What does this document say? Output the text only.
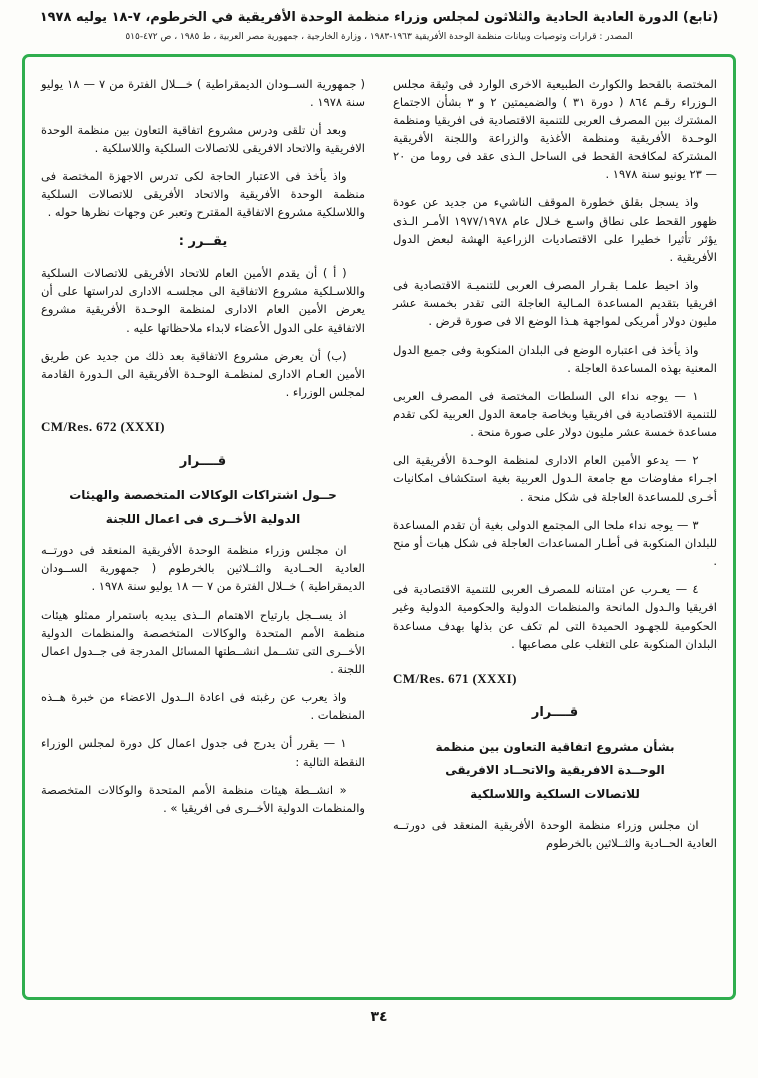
(تابع) الدورة العادية الحادية والثلاثون لمجلس وزراء منظمة الوحدة الأفريقية في الخرطوم، ٧-١٨ يوليه ١٩٧٨
المصدر : قرارات وتوصيات وبيانات منظمة الوحدة الأفريقية ١٩٦٣-١٩٨٣ ، وزارة الخارجية ، جمهورية مصر العربية ، ط ١٩٨٥ ، ص ٤٧٢-٥١٥

المختصة بالقحط والكوارث الطبيعية الاخرى الوارد فى وثيقة مجلس الـوزراء رقـم ٨٦٤ ( دورة ٣١ ) والضميمتين ٢ و ٣ بشأن الاجتماع المشترك بين المصرف العربى للتنمية الاقتصادية فى افريقيا ومنظمة الوحـدة الأفريقية ومنظمة الأغذية والزراعة واللجنة الأفريقية المشتركة لمكافحة القحط فى الساحل الـذى عقد فى روما من ٢٠ — ٢٣ يونيو سنة ١٩٧٨ .

واذ يسجل بقلق خطورة الموقف الناشيء من جديد عن عودة ظهور القحط على نطاق واسـع خـلال عام ١٩٧٧/١٩٧٨ الأمـر الـذى يؤثر تأثيرا خطيرا على الاقتصاديات الزراعية الهشة لبعض الدول الأفريقية .

واذ احيط علمـا بقـرار المصرف العربى للتنميـة الاقتصادية فى افريقيا بتقديم المساعدة المـالية العاجلة التى تقدر بخمسة عشر مليون دولار أمريكى لمواجهة هـذا الوضع الا فى صورة قرض .

واذ يأخذ فى اعتباره الوضع فى البلدان المنكوبة وفى جميع الدول المعنية بهذه المساعدة العاجلة .

١ — يوجه نداء الى السلطات المختصة فى المصرف العربى للتنمية الاقتصادية فى افريقيا وبخاصة جامعة الدول العربية لكى تقدم مساعدة خمسة عشر مليون دولار على صورة منحة .

٢ — يدعو الأمين العام الادارى لمنظمة الوحـدة الأفريقية الى اجـراء مفاوضات مع جامعة الـدول العربية بغية استكشاف امكانيات أخـرى للمساعدة العاجلة فى شكل منحة .

٣ — يوجه نداء ملحا الى المجتمع الدولى بغية أن تقدم المساعدة للبلدان المنكوبة فى أطـار المساعدات العاجلة فى شكل هبات أو منح .

٤ — يعـرب عن امتنانه للمصرف العربى للتنمية الاقتصادية فى افريقيا والـدول المانحة والمنظمات الدولية والحكومية الدولية وغير الحكومية للجهـود الحميدة التى لم تكف عن بذلها بهدف مساعدة البلدان المنكوبة على التغلب على مصاعبها .

CM/Res. 671 (XXXI)
قــــرار
بشأن مشروع اتفاقية التعاون بين منظمة
الوحــدة الافريقية والاتحــاد الافريقى
للاتصالات السلكية واللاسلكية

ان مجلس وزراء منظمة الوحدة الأفريقية المنعقد فى دورتــه العادية الحــادية والثــلاثين بالخرطوم

( جمهورية الســودان الديمقراطية ) خـــلال الفترة من ٧ — ١٨ يوليو سنة ١٩٧٨ .

وبعد أن تلقى ودرس مشروع اتفاقية التعاون بين منظمة الوحدة الافريقية والاتحاد الافريقى للاتصالات السلكية واللاسلكية .

واذ يأخذ فى الاعتبار الحاجة لكى تدرس الاجهزة المختصة فى منظمة الوحدة الأفريقية والاتحاد الأفريقى للاتصالات السلكية واللاسلكية مشروع الاتفاقية المقترح وتعبر عن وجهات نظرها حوله .

يقــرر :

( أ ) أن يقدم الأمين العام للاتحاد الأفريقى للاتصالات السلكية واللاسـلكية مشروع الاتفاقية الى مجلسـه الادارى لدراستها على أن يعرض الأمين العام الادارى لمنظمة الوحـدة الأفريقية مشروع الاتفاقية على الدول الأعضاء لابداء ملاحظاتها عليه .

(ب) أن يعرض مشروع الاتفاقية بعد ذلك من جديد عن طريق الأمين العـام الادارى لمنظمـة الوحـدة الأفريقية الى الـدورة القادمة لمجلس الوزراء .

CM/Res. 672 (XXXI)
قــــرار
حــول اشتراكات الوكالات المتخصصة والهيئات
الدولية الأخــرى فى اعمال اللجنة

ان مجلس وزراء منظمة الوحدة الأفريقية المنعقد فى دورتــه العادية الحــادية والثــلاثين بالخرطوم ( جمهورية الســودان الديمقراطية ) خــلال الفترة من ٧ — ١٨ يوليو سنة ١٩٧٨ .

اذ يســجل بارتياح الاهتمام الــذى يبديه باستمرار ممثلو هيئات منظمة الأمم المتحدة والوكالات المتخصصة والمنظمات الدولية الأخــرى التى تشــمل انشــطتها المسائل المدرجة فى جــدول اعمال اللجنة .

واذ يعرب عن رغبته فى اعادة الــدول الاعضاء من خبرة هــذه المنظمات .

١ — يقرر أن يدرج فى جدول اعمال كل دورة لمجلس الوزراء النقطة التالية :

« انشــطة هيئات منظمة الأمم المتحدة والوكالات المتخصصة والمنظمات الدولية الأخــرى فى افريقيا » .

٣٤
